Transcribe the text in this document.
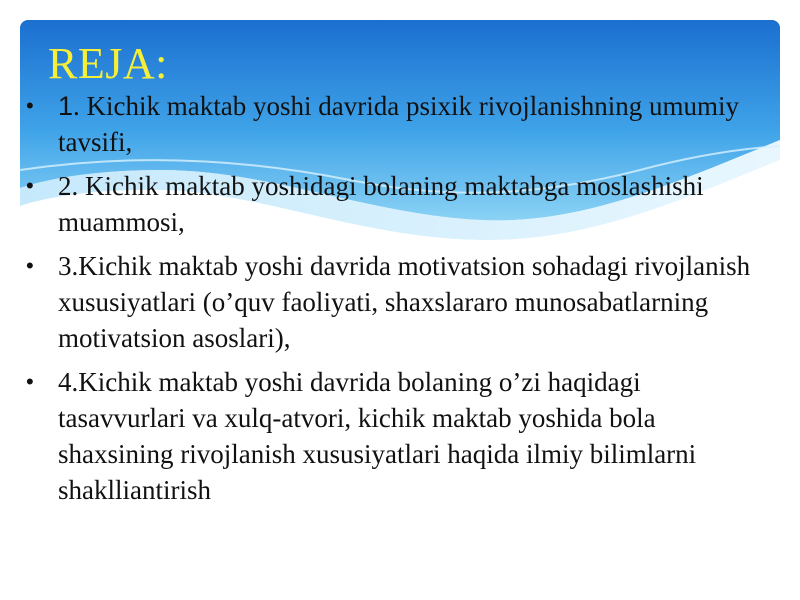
REJA:
• 1. Kichik maktab yoshi davrida psixik rivojlanishning umumiy tavsifi,
• 2. Kichik maktab yoshidagi bolaning maktabga moslashishi muammosi,
• 3.Kichik maktab yoshi davrida motivatsion sohadagi rivojlanish xususiyatlari (o’quv faoliyati, shaxslararo munosabatlarning motivatsion asoslari),
• 4.Kichik maktab yoshi davrida bolaning o’zi haqidagi tasavvurlari va xulq-atvori, kichik maktab yoshida bola shaxsining rivojlanish xususiyatlari haqida ilmiy bilimlarni shaklliantirish
